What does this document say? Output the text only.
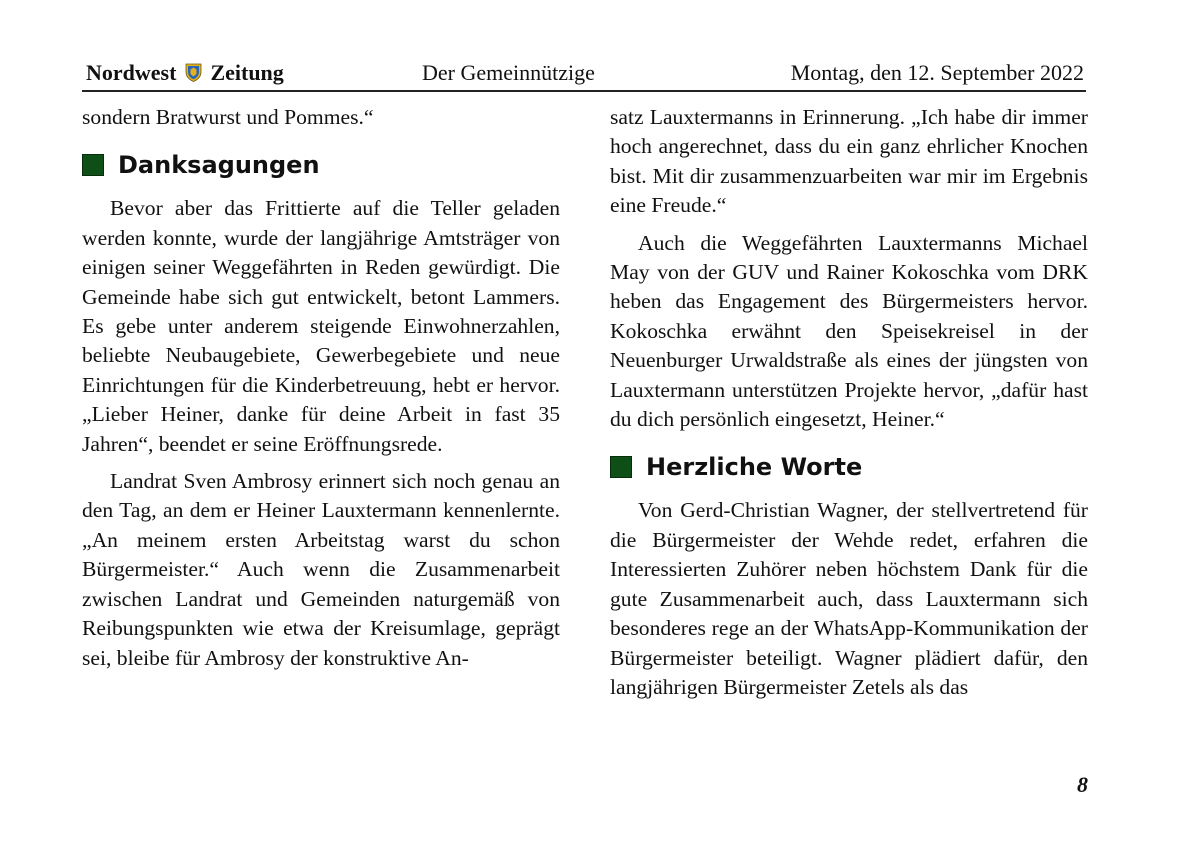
Nordwest Zeitung	Der Gemeinnützige	Montag, den 12. September 2022

sondern Bratwurst und Pommes.“

Danksagungen

Bevor aber das Frittierte auf die Teller geladen werden konnte, wurde der langjährige Amtsträger von einigen seiner Weggefährten in Reden gewürdigt. Die Gemeinde habe sich gut entwickelt, betont Lammers. Es gebe unter anderem steigende Einwohnerzahlen, beliebte Neubaugebiete, Gewerbegebiete und neue Einrichtungen für die Kinderbetreuung, hebt er hervor. „Lieber Heiner, danke für deine Arbeit in fast 35 Jahren“, beendet er seine Eröffnungsrede.

Landrat Sven Ambrosy erinnert sich noch genau an den Tag, an dem er Heiner Lauxtermann kennenlernte. „An meinem ersten Arbeitstag warst du schon Bürgermeister.“ Auch wenn die Zusammenarbeit zwischen Landrat und Gemeinden naturgemäß von Reibungspunkten wie etwa der Kreisumlage, geprägt sei, bleibe für Ambrosy der konstruktive An-

satz Lauxtermanns in Erinnerung. „Ich habe dir immer hoch angerechnet, dass du ein ganz ehrlicher Knochen bist. Mit dir zusammenzuarbeiten war mir im Ergebnis eine Freude.“

Auch die Weggefährten Lauxtermanns Michael May von der GUV und Rainer Kokoschka vom DRK heben das Engagement des Bürgermeisters hervor. Kokoschka erwähnt den Speisekreisel in der Neuenburger Urwaldstraße als eines der jüngsten von Lauxtermann unterstützen Projekte hervor, „dafür hast du dich persönlich eingesetzt, Heiner.“

Herzliche Worte

Von Gerd-Christian Wagner, der stellvertretend für die Bürgermeister der Wehde redet, erfahren die Interessierten Zuhörer neben höchstem Dank für die gute Zusammenarbeit auch, dass Lauxtermann sich besonderes rege an der WhatsApp-Kommunikation der Bürgermeister beteiligt. Wagner plädiert dafür, den langjährigen Bürgermeister Zetels als das

8
